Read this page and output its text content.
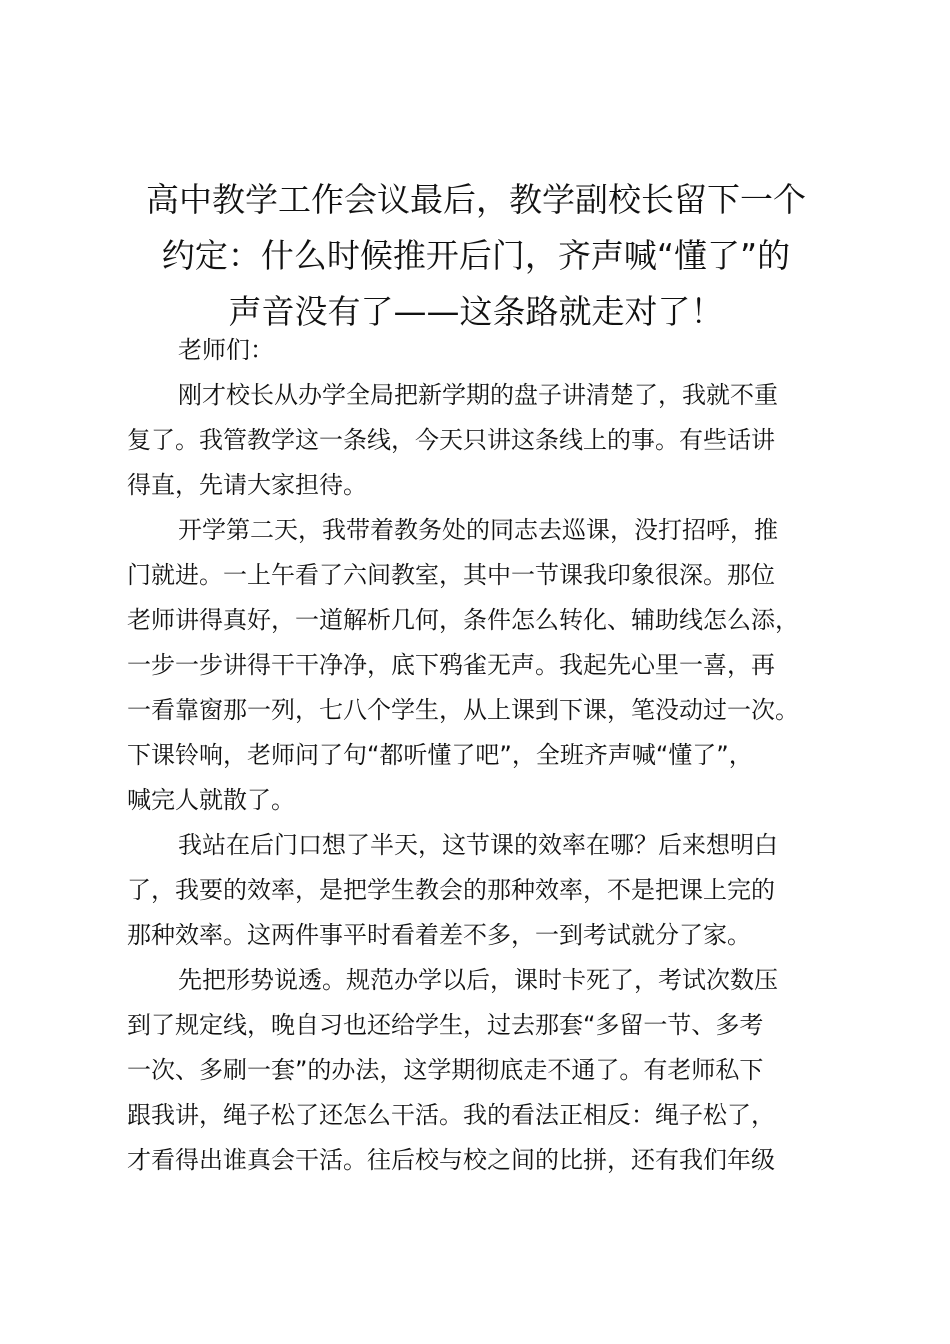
高中教学工作会议最后，教学副校长留下一个
约定：什么时候推开后门，齐声喊“懂了”的
声音没有了——这条路就走对了！

老师们：

刚才校长从办学全局把新学期的盘子讲清楚了，我就不重
复了。我管教学这一条线，今天只讲这条线上的事。有些话讲
得直，先请大家担待。

开学第二天，我带着教务处的同志去巡课，没打招呼，推
门就进。一上午看了六间教室，其中一节课我印象很深。那位
老师讲得真好，一道解析几何，条件怎么转化、辅助线怎么添，
一步一步讲得干干净净，底下鸦雀无声。我起先心里一喜，再
一看靠窗那一列，七八个学生，从上课到下课，笔没动过一次。
下课铃响，老师问了句“都听懂了吧”，全班齐声喊“懂了”，
喊完人就散了。

我站在后门口想了半天，这节课的效率在哪？后来想明白
了，我要的效率，是把学生教会的那种效率，不是把课上完的
那种效率。这两件事平时看着差不多，一到考试就分了家。

先把形势说透。规范办学以后，课时卡死了，考试次数压
到了规定线，晚自习也还给学生，过去那套“多留一节、多考
一次、多刷一套”的办法，这学期彻底走不通了。有老师私下
跟我讲，绳子松了还怎么干活。我的看法正相反：绳子松了，
才看得出谁真会干活。往后校与校之间的比拼，还有我们年级
